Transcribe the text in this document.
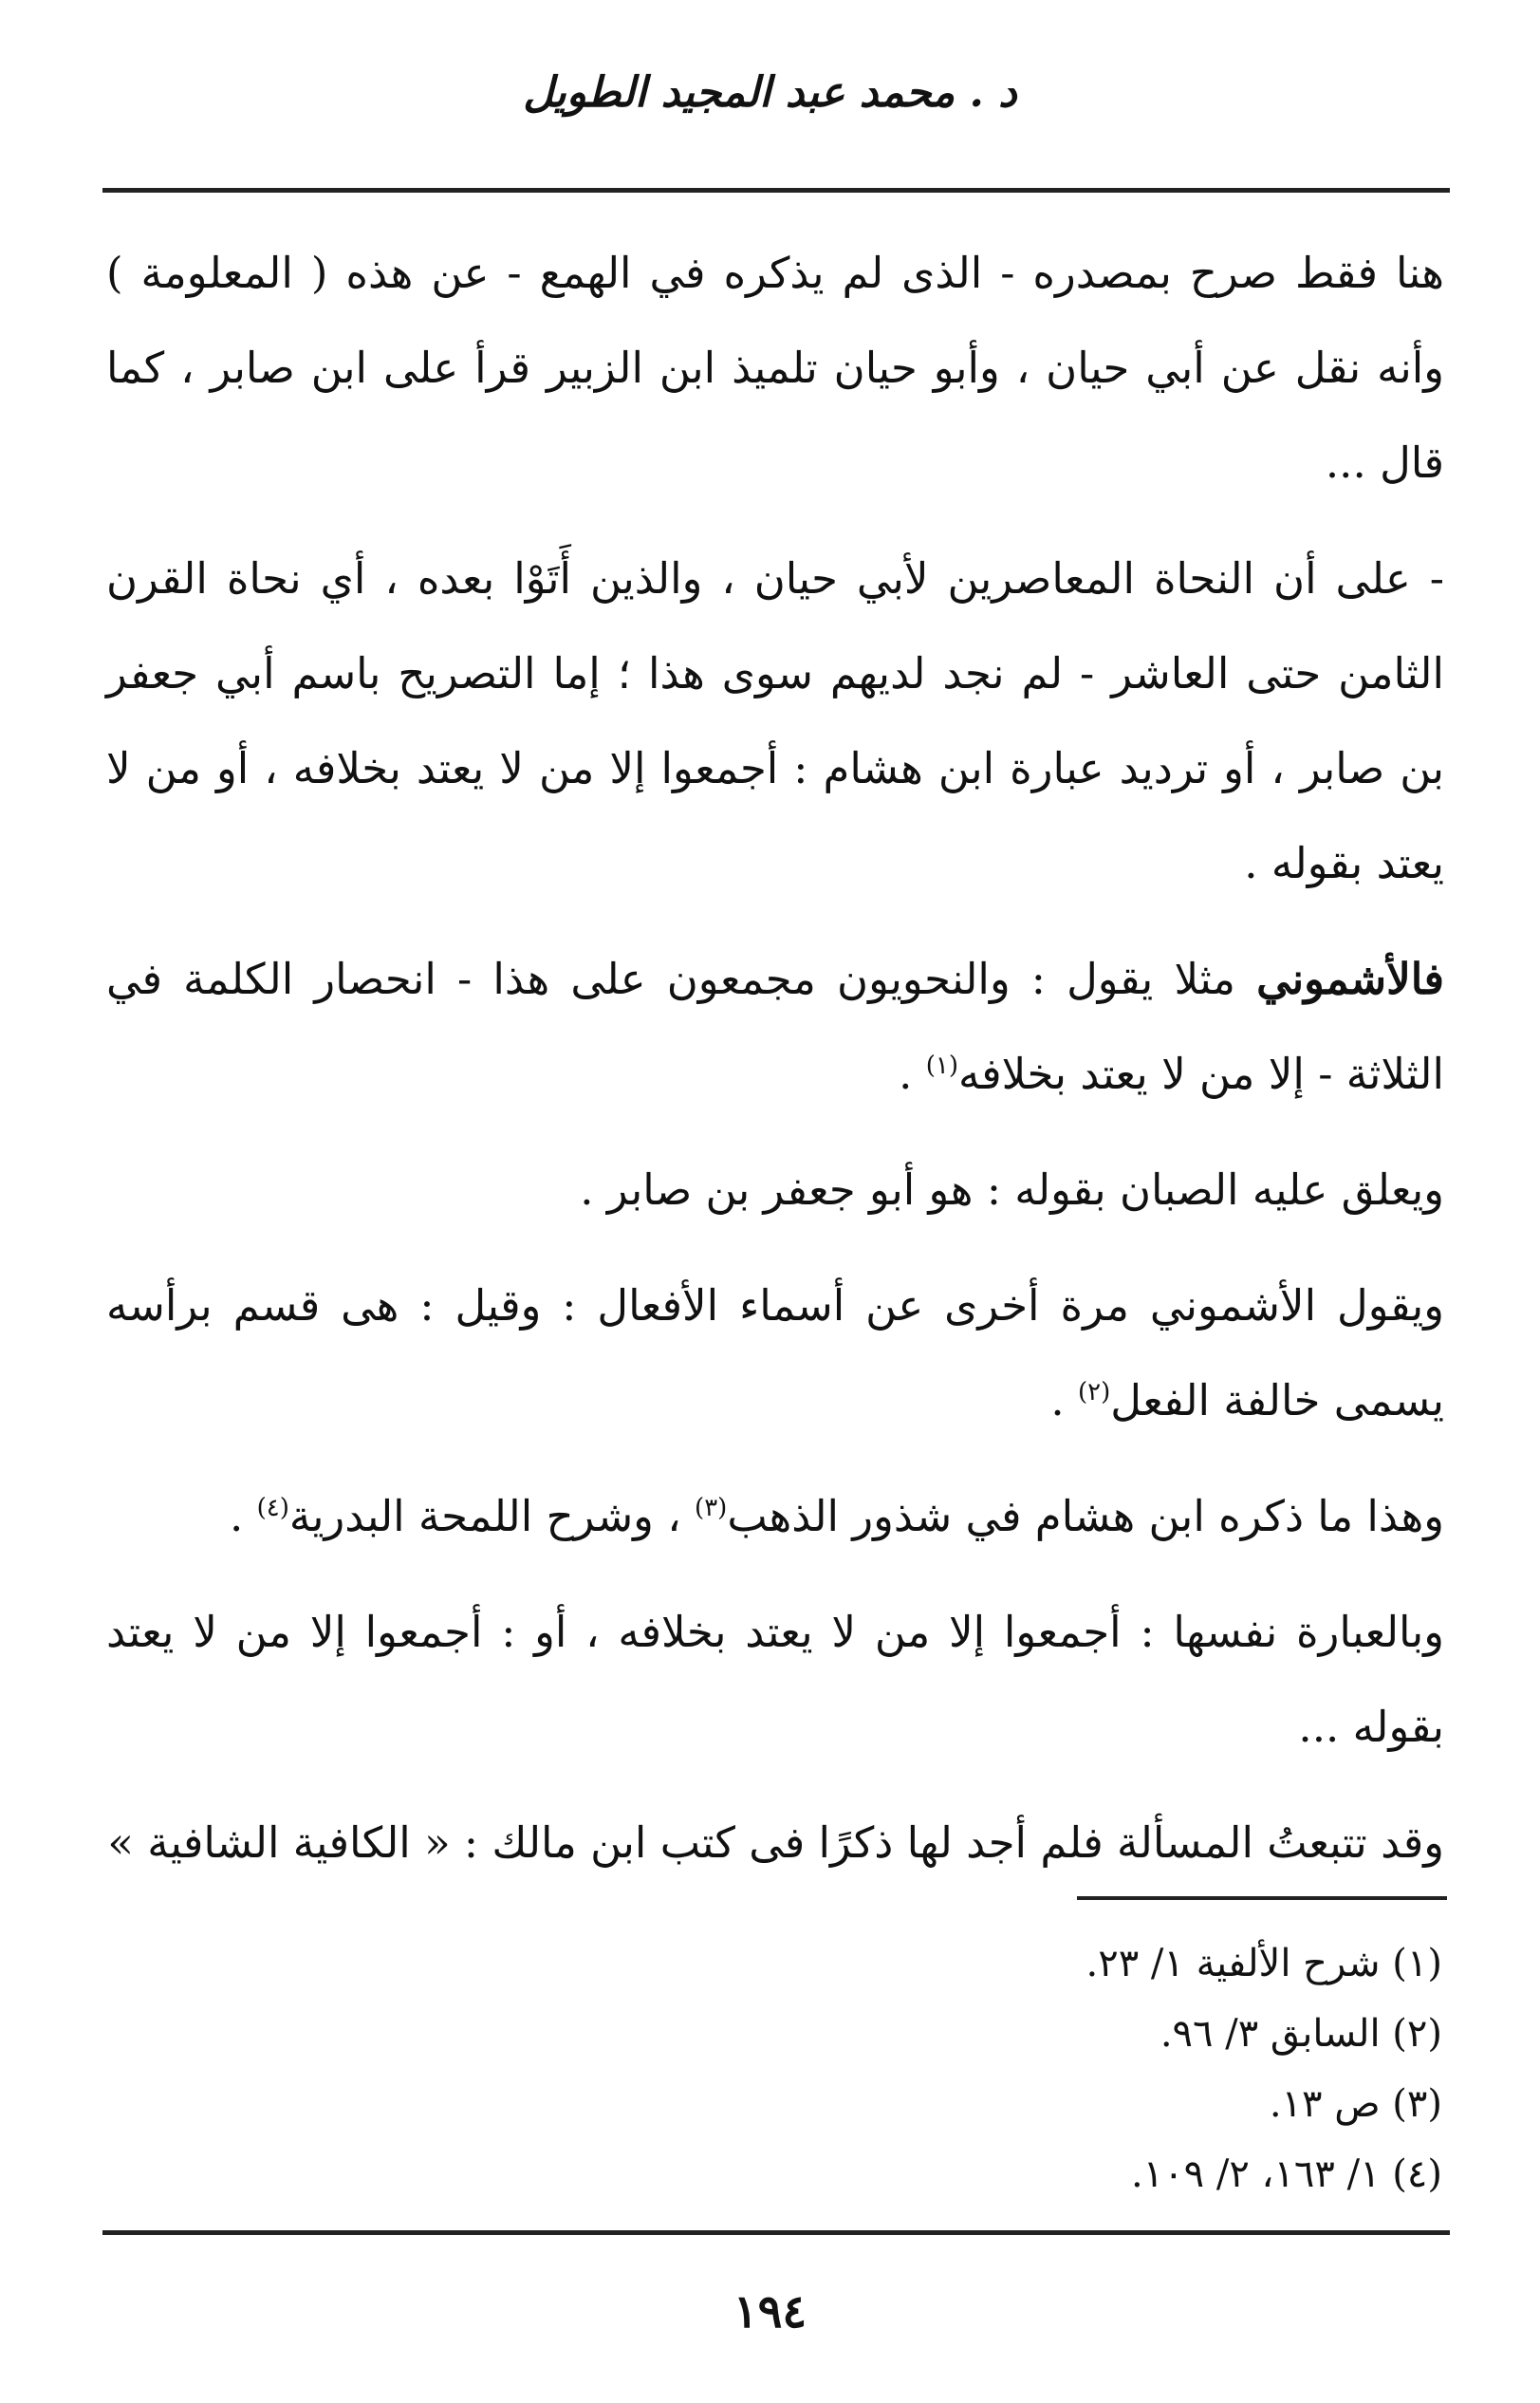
د . محمد عبد المجيد الطويل

هنا فقط صرح بمصدره - الذى لم يذكره في الهمع - عن هذه ( المعلومة ) وأنه نقل عن أبي حيان ، وأبو حيان تلميذ ابن الزبير قرأ على ابن صابر ، كما قال ...

- على أن النحاة المعاصرين لأبي حيان ، والذين أَتَوْا بعده ، أي نحاة القرن الثامن حتى العاشر - لم نجد لديهم سوى هذا ؛ إما التصريح باسم أبي جعفر بن صابر ، أو ترديد عبارة ابن هشام : أجمعوا إلا من لا يعتد بخلافه ، أو من لا يعتد بقوله .

فالأشموني مثلا يقول : والنحويون مجمعون على هذا - انحصار الكلمة في الثلاثة - إلا من لا يعتد بخلافه$^{(١)}$ .

ويعلق عليه الصبان بقوله : هو أبو جعفر بن صابر .

ويقول الأشموني مرة أخرى عن أسماء الأفعال : وقيل : هى قسم برأسه يسمى خالفة الفعل$^{(٢)}$ .

وهذا ما ذكره ابن هشام في شذور الذهب$^{(٣)}$ ، وشرح اللمحة البدرية$^{(٤)}$ .

وبالعبارة نفسها : أجمعوا إلا من لا يعتد بخلافه ، أو : أجمعوا إلا من لا يعتد بقوله ...

وقد تتبعتُ المسألة فلم أجد لها ذكرًا فى كتب ابن مالك : « الكافية الشافية »

(١) شرح الألفية ١/ ٢٣.

(٢) السابق ٣/ ٩٦.

(٣) ص ١٣.

(٤) ١/ ١٦٣، ٢/ ١٠٩.

١٩٤
